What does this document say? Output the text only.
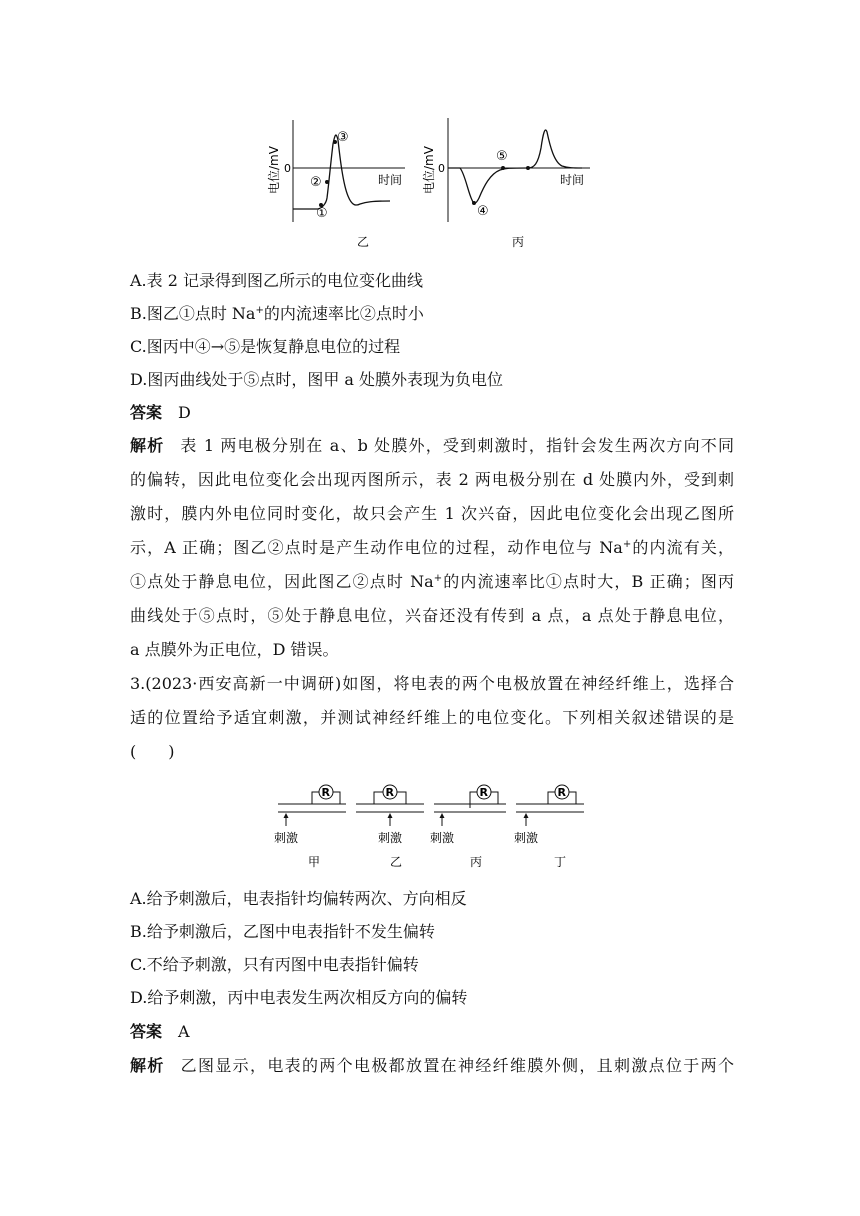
电位/mV 0
时间
①
②
③
乙
电位/mV 0
时间
④
⑤
丙
A.表 2 记录得到图乙所示的电位变化曲线
B.图乙①点时 Na+的内流速率比②点时小
C.图丙中④→⑤是恢复静息电位的过程
D.图丙曲线处于⑤点时，图甲 a 处膜外表现为负电位
答案 D
解析 表 1 两电极分别在 a、b 处膜外，受到刺激时，指针会发生两次方向不同
的偏转，因此电位变化会出现丙图所示，表 2 两电极分别在 d 处膜内外，受到刺
激时，膜内外电位同时变化，故只会产生 1 次兴奋，因此电位变化会出现乙图所
示，A 正确；图乙②点时是产生动作电位的过程，动作电位与 Na+的内流有关，
①点处于静息电位，因此图乙②点时 Na+的内流速率比①点时大，B 正确；图丙
曲线处于⑤点时，⑤处于静息电位，兴奋还没有传到 a 点，a 点处于静息电位，
a 点膜外为正电位，D 错误。
3.(2023·西安高新一中调研)如图，将电表的两个电极放置在神经纤维上，选择合
适的位置给予适宜刺激，并测试神经纤维上的电位变化。下列相关叙述错误的是
(　　)
R
刺激
甲
R
刺激
乙
R
刺激
丙
R
刺激
丁
A.给予刺激后，电表指针均偏转两次、方向相反
B.给予刺激后，乙图中电表指针不发生偏转
C.不给予刺激，只有丙图中电表指针偏转
D.给予刺激，丙中电表发生两次相反方向的偏转
答案 A
解析 乙图显示，电表的两个电极都放置在神经纤维膜外侧，且刺激点位于两个
